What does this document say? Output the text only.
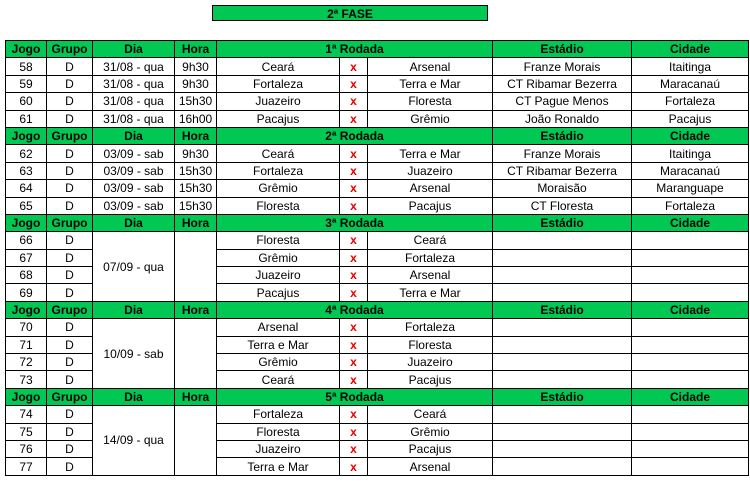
2ª FASE
Jogo	Grupo	Dia	Hora	1ª Rodada			Estádio	Cidade
58	D	31/08 - qua	9h30	Ceará	x	Arsenal	Franze Morais	Itaitinga
59	D	31/08 - qua	9h30	Fortaleza	x	Terra e Mar	CT Ribamar Bezerra	Maracanaú
60	D	31/08 - qua	15h30	Juazeiro	x	Floresta	CT Pague Menos	Fortaleza
61	D	31/08 - qua	16h00	Pacajus	x	Grêmio	João Ronaldo	Pacajus
Jogo	Grupo	Dia	Hora	2ª Rodada			Estádio	Cidade
62	D	03/09 - sab	9h30	Ceará	x	Terra e Mar	Franze Morais	Itaitinga
63	D	03/09 - sab	15h30	Fortaleza	x	Juazeiro	CT Ribamar Bezerra	Maracanaú
64	D	03/09 - sab	15h30	Grêmio	x	Arsenal	Moraisão	Maranguape
65	D	03/09 - sab	15h30	Floresta	x	Pacajus	CT Floresta	Fortaleza
Jogo	Grupo	Dia	Hora	3ª Rodada			Estádio	Cidade
66	D	07/09 - qua		Floresta	x	Ceará		
67	D			Grêmio	x	Fortaleza		
68	D			Juazeiro	x	Arsenal		
69	D			Pacajus	x	Terra e Mar		
Jogo	Grupo	Dia	Hora	4ª Rodada			Estádio	Cidade
70	D	10/09 - sab		Arsenal	x	Fortaleza		
71	D			Terra e Mar	x	Floresta		
72	D			Grêmio	x	Juazeiro		
73	D			Ceará	x	Pacajus		
Jogo	Grupo	Dia	Hora	5ª Rodada			Estádio	Cidade
74	D	14/09 - qua		Fortaleza	x	Ceará		
75	D			Floresta	x	Grêmio		
76	D			Juazeiro	x	Pacajus		
77	D			Terra e Mar	x	Arsenal		
